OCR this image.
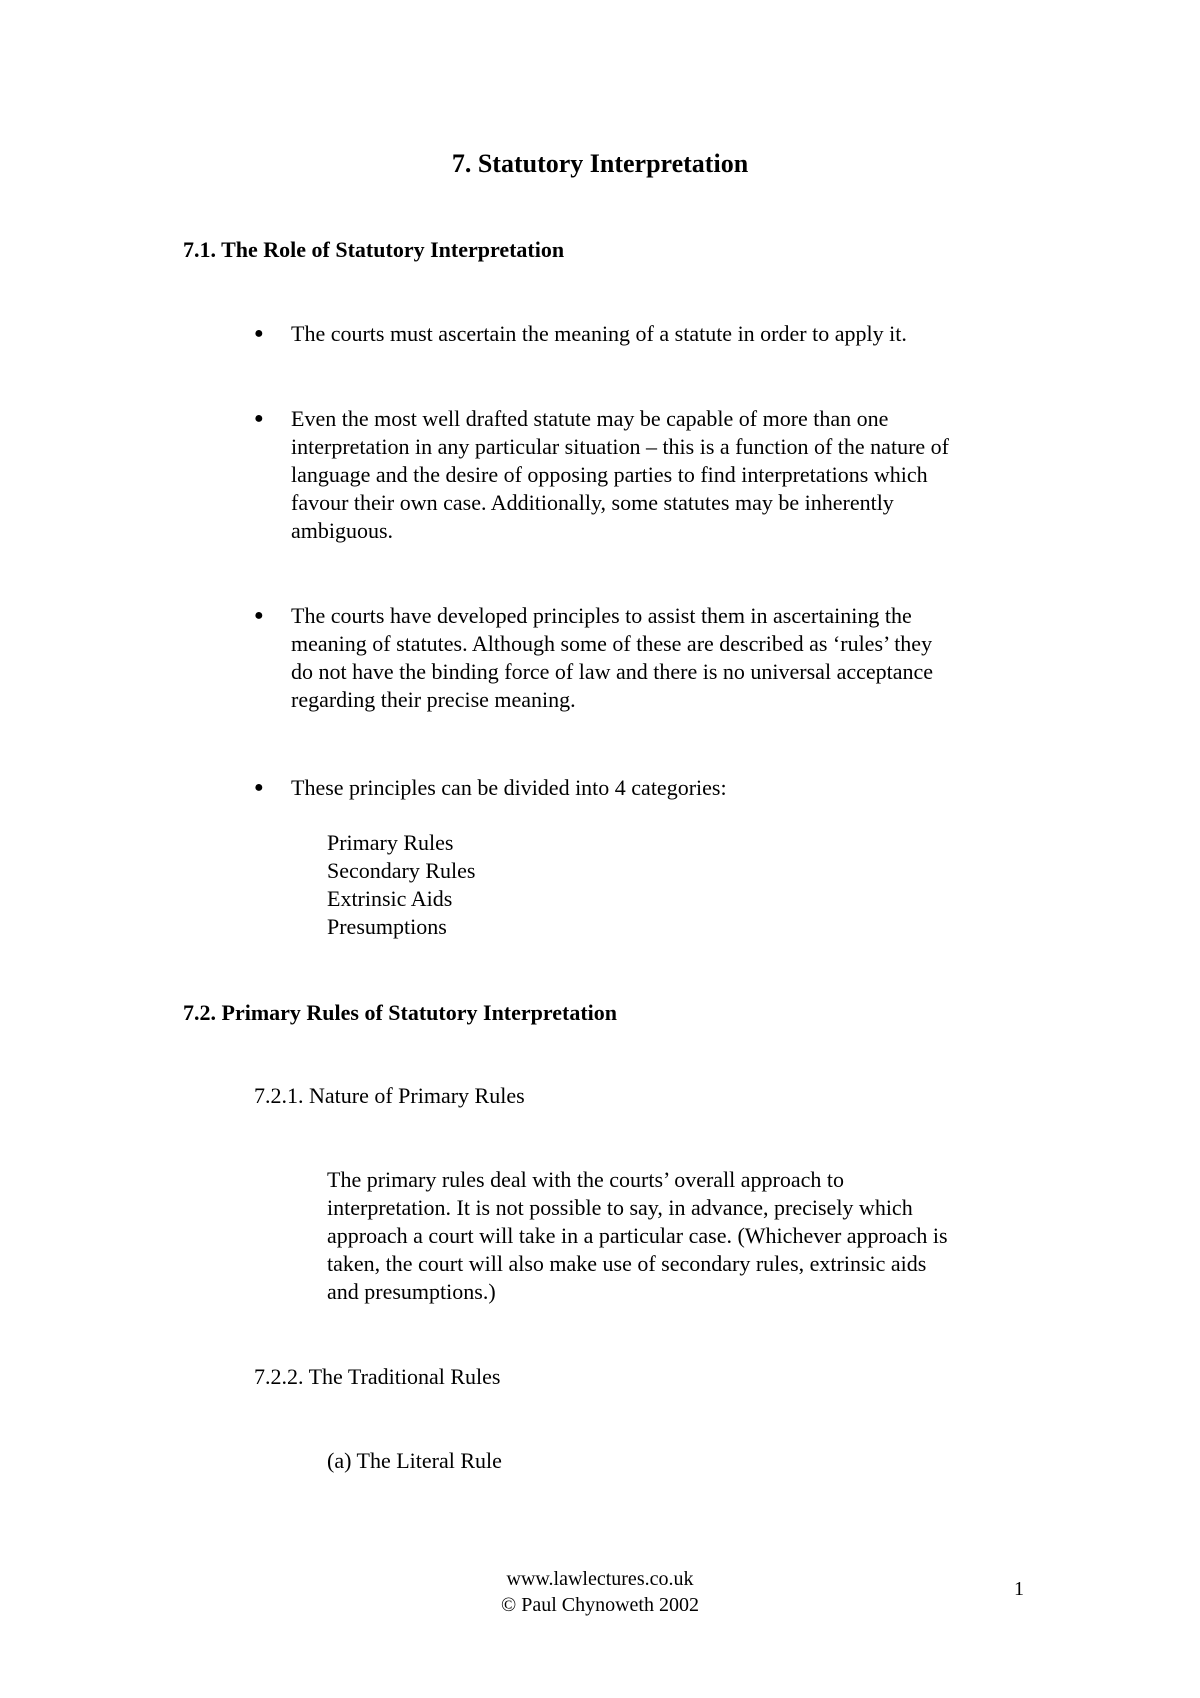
7. Statutory Interpretation
7.1. The Role of Statutory Interpretation
● The courts must ascertain the meaning of a statute in order to apply it.
● Even the most well drafted statute may be capable of more than one
interpretation in any particular situation – this is a function of the nature of
language and the desire of opposing parties to find interpretations which
favour their own case. Additionally, some statutes may be inherently
ambiguous.
● The courts have developed principles to assist them in ascertaining the
meaning of statutes. Although some of these are described as ‘rules’ they
do not have the binding force of law and there is no universal acceptance
regarding their precise meaning.
● These principles can be divided into 4 categories:
Primary Rules
Secondary Rules
Extrinsic Aids
Presumptions
7.2. Primary Rules of Statutory Interpretation
7.2.1. Nature of Primary Rules
The primary rules deal with the courts’ overall approach to
interpretation. It is not possible to say, in advance, precisely which
approach a court will take in a particular case. (Whichever approach is
taken, the court will also make use of secondary rules, extrinsic aids
and presumptions.)
7.2.2. The Traditional Rules
(a) The Literal Rule
www.lawlectures.co.uk
© Paul Chynoweth 2002
1
